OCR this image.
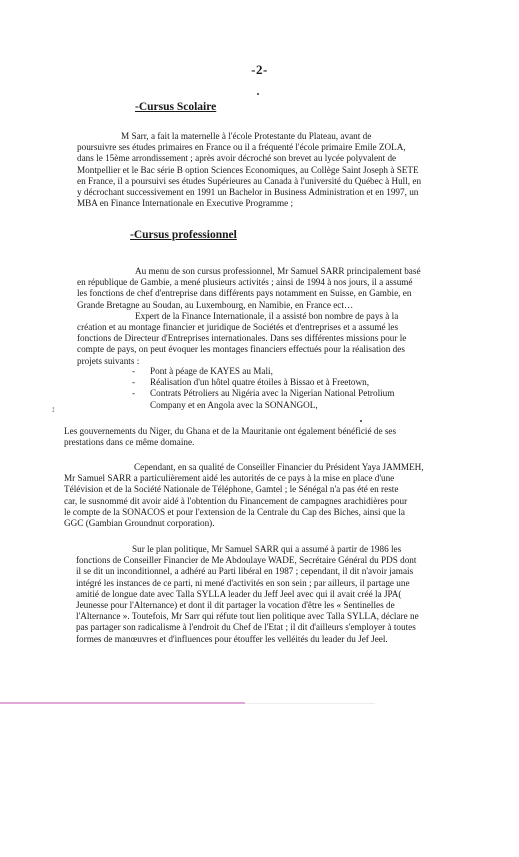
-2-
-Cursus Scolaire
M Sarr, a fait la maternelle à l'école Protestante du Plateau, avant de
poursuivre ses études primaires en France ou il a fréquenté l'école primaire Emile ZOLA,
dans le 15ème arrondissement ; après avoir décroché son brevet au lycée polyvalent de
Montpellier et le Bac série B option Sciences Economiques, au Collège Saint Joseph à SETE
en France, il a poursuivi ses études Supérieures au Canada à l'université du Québec à Hull, en
y décrochant successivement en 1991 un Bachelor in Business Administration et en 1997, un
MBA en Finance Internationale en Executive Programme ;
-Cursus professionnel
Au menu de son cursus professionnel, Mr Samuel SARR principalement basé
en république de Gambie, a mené plusieurs activités ; ainsi de 1994 à nos jours, il a assumé
les fonctions de chef d'entreprise dans différents pays notamment en Suisse, en Gambie, en
Grande Bretagne au Soudan, au Luxembourg, en Namibie, en France ect…
Expert de la Finance Internationale, il a assisté bon nombre de pays à la
création et au montage financier et juridique de Sociétés et d'entreprises et a assumé les
fonctions de Directeur d'Entreprises internationales. Dans ses différentes missions pour le
compte de pays, on peut évoquer les montages financiers effectués pour la réalisation des
projets suivants :
-	Pont à péage de KAYES au Mali,
-	Réalisation d'un hôtel quatre étoiles à Bissao et à Freetown,
-	Contrats Pétroliers au Nigéria avec la Nigerian National Petrolium
Company et en Angola avec la SONANGOL,
↕
Les gouvernements du Niger, du Ghana et de la Mauritanie ont également bénéficié de ses
prestations dans ce même domaine.
Cependant, en sa qualité de Conseiller Financier du Président Yaya JAMMEH,
Mr Samuel SARR a particulièrement aidé les autorités de ce pays à la mise en place d'une
Télévision et de la Société Nationale de Téléphone, Gamtel ; le Sénégal n'a pas été en reste
car, le susnommé dit avoir aidé à l'obtention du Financement de campagnes arachidières pour
le compte de la SONACOS et pour l'extension de la Centrale du Cap des Biches, ainsi que la
GGC (Gambian Groundnut corporation).
Sur le plan politique, Mr Samuel SARR qui a assumé à partir de 1986 les
fonctions de Conseiller Financier de Me Abdoulaye WADE, Secrétaire Général du PDS dont
il se dit un inconditionnel, a adhéré au Parti libéral en 1987 ; cependant, il dit n'avoir jamais
intégré les instances de ce parti, ni mené d'activités en son sein ; par ailleurs, il partage une
amitié de longue date avec Talla SYLLA leader du Jeff Jeel avec qui il avait créé la JPA(
Jeunesse pour l'Alternance) et dont il dit partager la vocation d'être les « Sentinelles de
l'Alternance ». Toutefois, Mr Sarr qui réfute tout lien politique avec Talla SYLLA, déclare ne
pas partager son radicalisme à l'endroit du Chef de l'Etat ; il dit d'ailleurs s'employer à toutes
formes de manœuvres et d'influences pour étouffer les velléités du leader du Jef Jeel.
